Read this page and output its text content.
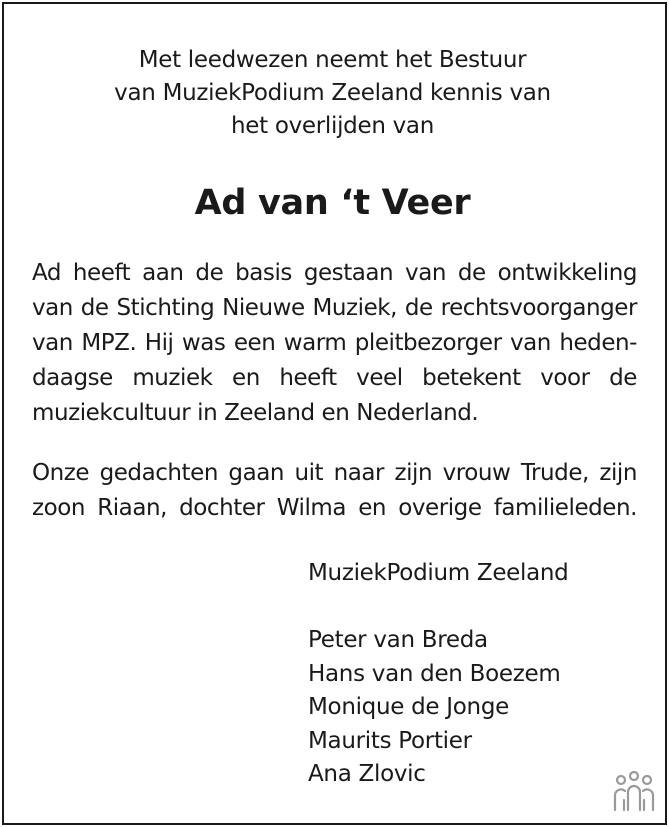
Met leedwezen neemt het Bestuur
van MuziekPodium Zeeland kennis van
het overlijden van
Ad van ‘t Veer
Ad heeft aan de basis gestaan van de ontwikkeling
van de Stichting Nieuwe Muziek, de rechtsvoorganger
van MPZ. Hij was een warm pleitbezorger van heden-
daagse muziek en heeft veel betekent voor de
muziekcultuur in Zeeland en Nederland.
Onze gedachten gaan uit naar zijn vrouw Trude, zijn
zoon Riaan, dochter Wilma en overige familieleden.
MuziekPodium Zeeland
Peter van Breda
Hans van den Boezem
Monique de Jonge
Maurits Portier
Ana Zlovic
